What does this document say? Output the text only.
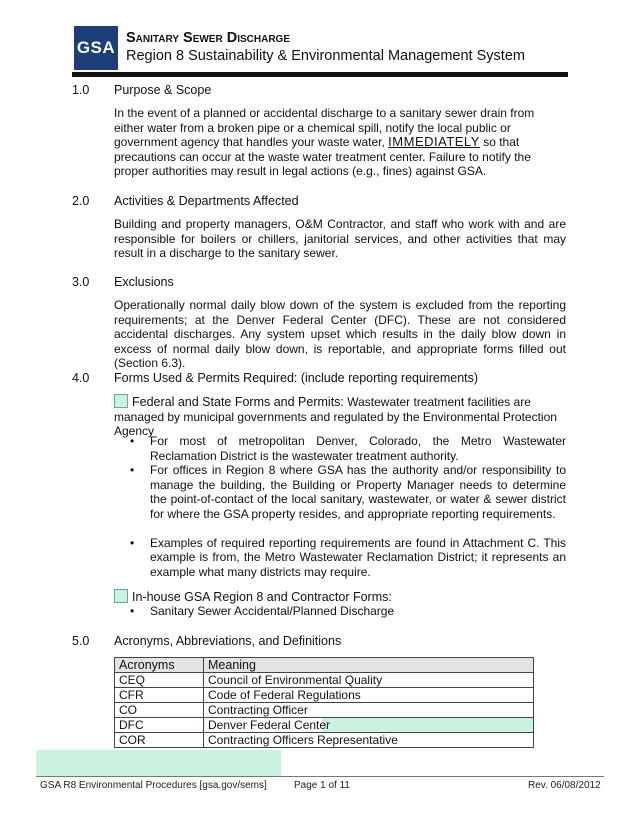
GSA Sanitary Sewer Discharge
Region 8 Sustainability & Environmental Management System
1.0 Purpose & Scope
In the event of a planned or accidental discharge to a sanitary sewer drain from either water from a broken pipe or a chemical spill, notify the local public or government agency that handles your waste water, IMMEDIATELY so that precautions can occur at the waste water treatment center. Failure to notify the proper authorities may result in legal actions (e.g., fines) against GSA.
2.0 Activities & Departments Affected
Building and property managers, O&M Contractor, and staff who work with and are responsible for boilers or chillers, janitorial services, and other activities that may result in a discharge to the sanitary sewer.
3.0 Exclusions
Operationally normal daily blow down of the system is excluded from the reporting requirements; at the Denver Federal Center (DFC). These are not considered accidental discharges. Any system upset which results in the daily blow down in excess of normal daily blow down, is reportable, and appropriate forms filled out (Section 6.3).
4.0 Forms Used & Permits Required: (include reporting requirements)
Federal and State Forms and Permits: Wastewater treatment facilities are managed by municipal governments and regulated by the Environmental Protection Agency
• For most of metropolitan Denver, Colorado, the Metro Wastewater Reclamation District is the wastewater treatment authority.
• For offices in Region 8 where GSA has the authority and/or responsibility to manage the building, the Building or Property Manager needs to determine the point-of-contact of the local sanitary, wastewater, or water & sewer district for where the GSA property resides, and appropriate reporting requirements.
• Examples of required reporting requirements are found in Attachment C. This example is from, the Metro Wastewater Reclamation District; it represents an example what many districts may require.
In-house GSA Region 8 and Contractor Forms:
• Sanitary Sewer Accidental/Planned Discharge
5.0 Acronyms, Abbreviations, and Definitions
Acronyms	Meaning
CEQ	Council of Environmental Quality
CFR	Code of Federal Regulations
CO	Contracting Officer
DFC	Denver Federal Center
COR	Contracting Officers Representative
GSA R8 Environmental Procedures [gsa.gov/sems]	Page 1 of 11	Rev. 06/08/2012
